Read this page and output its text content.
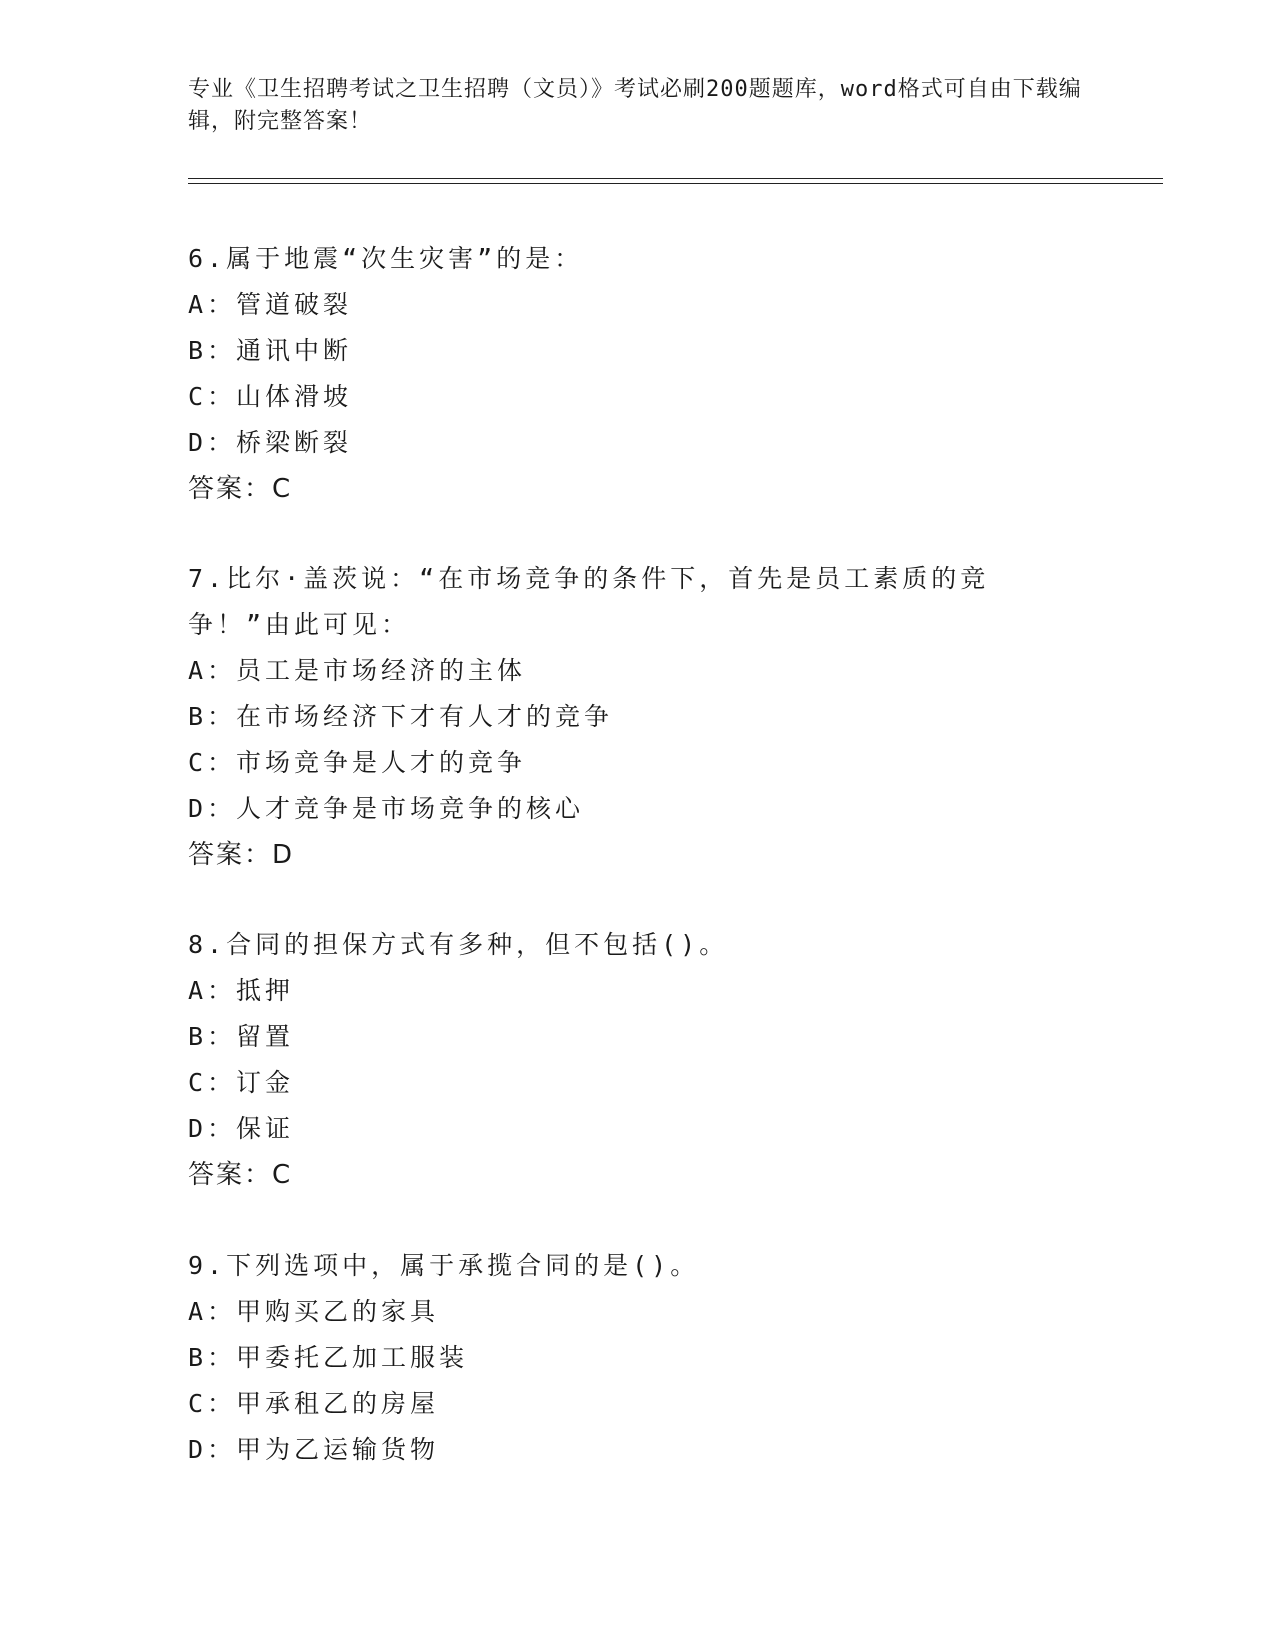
专业《卫生招聘考试之卫生招聘（文员）》考试必刷200题题库，word格式可自由下载编辑，附完整答案！

6.属于地震“次生灾害”的是：

A：管道破裂

B：通讯中断

C：山体滑坡

D：桥梁断裂

答案：C

7.比尔·盖茨说：“在市场竞争的条件下，首先是员工素质的竞争！”由此可见：

A：员工是市场经济的主体

B：在市场经济下才有人才的竞争

C：市场竞争是人才的竞争

D：人才竞争是市场竞争的核心

答案：D

8.合同的担保方式有多种，但不包括()。

A：抵押

B：留置

C：订金

D：保证

答案：C

9.下列选项中，属于承揽合同的是()。

A：甲购买乙的家具

B：甲委托乙加工服装

C：甲承租乙的房屋

D：甲为乙运输货物
